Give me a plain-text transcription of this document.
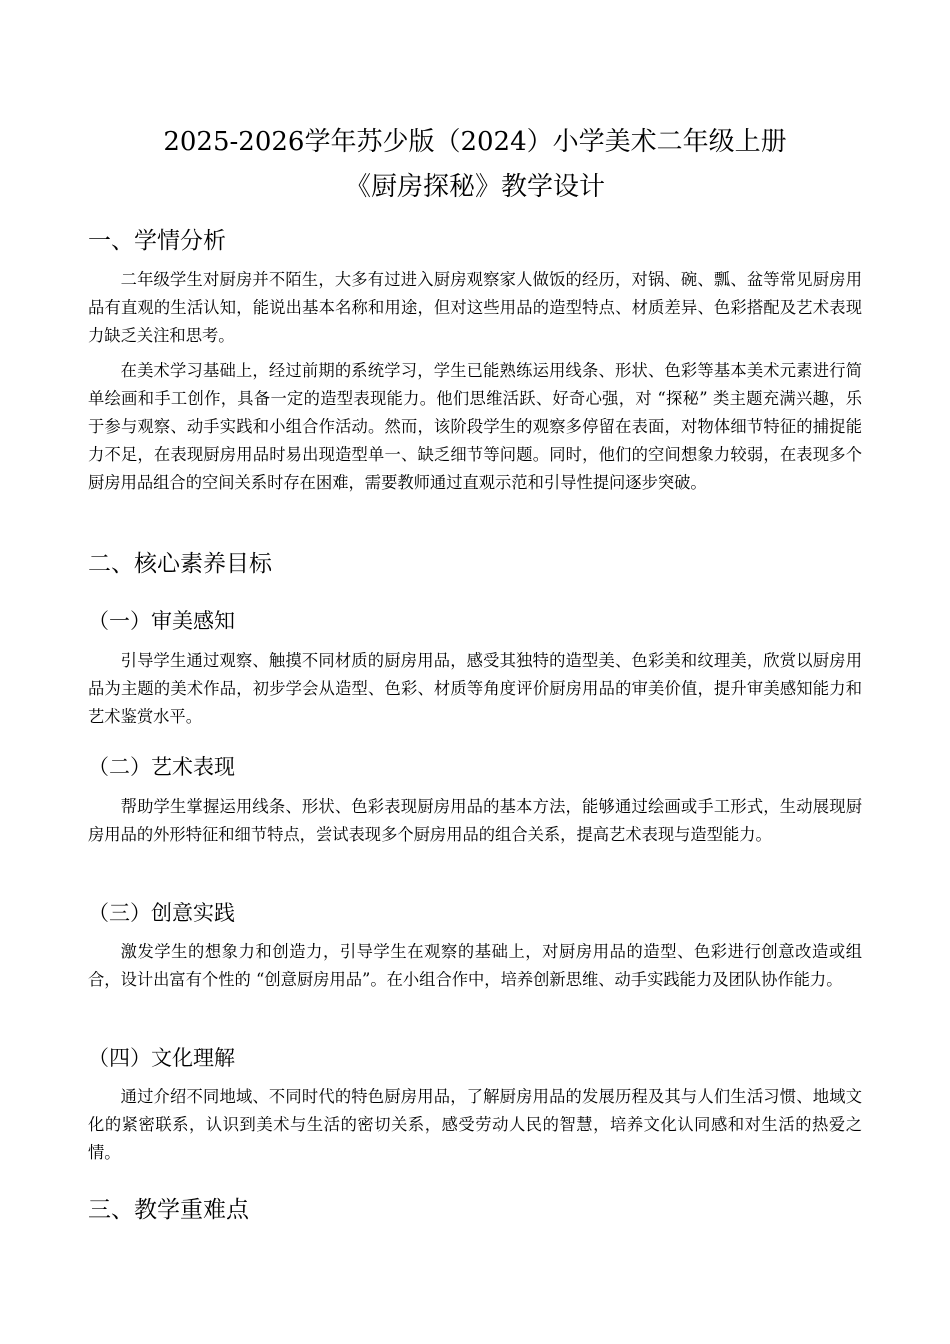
2025-2026学年苏少版（2024）小学美术二年级上册
《厨房探秘》教学设计
一、学情分析

二年级学生对厨房并不陌生，大多有过进入厨房观察家人做饭的经历，对锅、碗、瓢、盆等常见厨房用品有直观的生活认知，能说出基本名称和用途，但对这些用品的造型特点、材质差异、色彩搭配及艺术表现力缺乏关注和思考。

在美术学习基础上，经过前期的系统学习，学生已能熟练运用线条、形状、色彩等基本美术元素进行简单绘画和手工创作，具备一定的造型表现能力。他们思维活跃、好奇心强，对 “探秘” 类主题充满兴趣，乐于参与观察、动手实践和小组合作活动。然而，该阶段学生的观察多停留在表面，对物体细节特征的捕捉能力不足，在表现厨房用品时易出现造型单一、缺乏细节等问题。同时，他们的空间想象力较弱，在表现多个厨房用品组合的空间关系时存在困难，需要教师通过直观示范和引导性提问逐步突破。

二、核心素养目标
（一）审美感知

引导学生通过观察、触摸不同材质的厨房用品，感受其独特的造型美、色彩美和纹理美，欣赏以厨房用品为主题的美术作品，初步学会从造型、色彩、材质等角度评价厨房用品的审美价值，提升审美感知能力和艺术鉴赏水平。

（二）艺术表现

帮助学生掌握运用线条、形状、色彩表现厨房用品的基本方法，能够通过绘画或手工形式，生动展现厨房用品的外形特征和细节特点，尝试表现多个厨房用品的组合关系，提高艺术表现与造型能力。

（三）创意实践

激发学生的想象力和创造力，引导学生在观察的基础上，对厨房用品的造型、色彩进行创意改造或组合，设计出富有个性的 “创意厨房用品”。在小组合作中，培养创新思维、动手实践能力及团队协作能力。

（四）文化理解

通过介绍不同地域、不同时代的特色厨房用品，了解厨房用品的发展历程及其与人们生活习惯、地域文化的紧密联系，认识到美术与生活的密切关系，感受劳动人民的智慧，培养文化认同感和对生活的热爱之情。

三、教学重难点
